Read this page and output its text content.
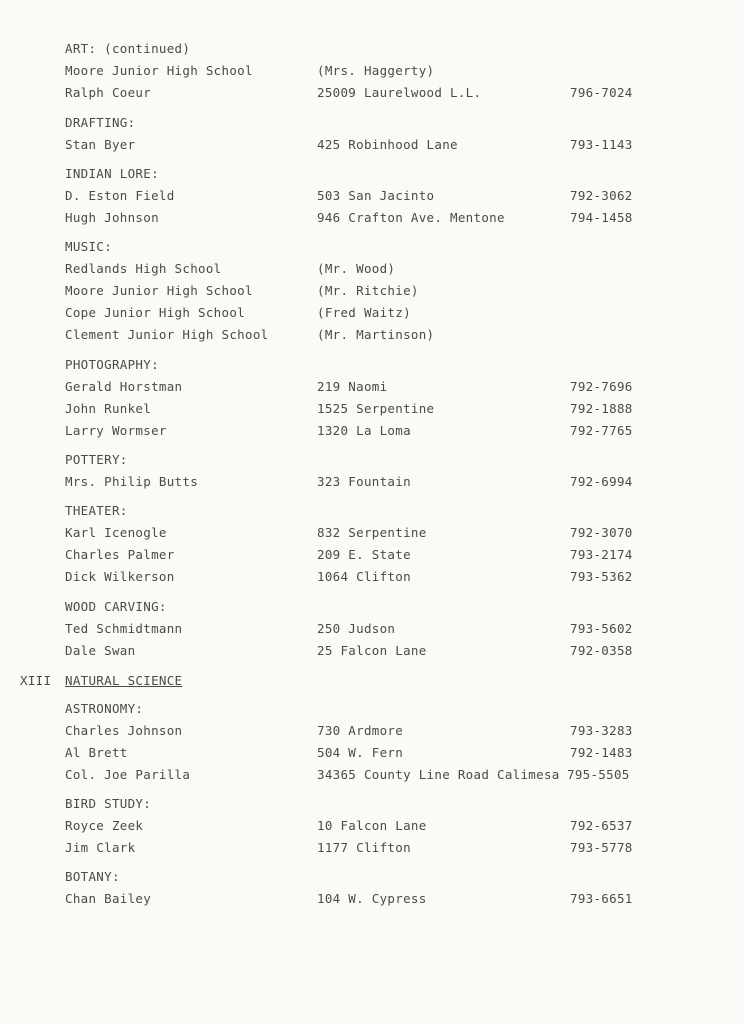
ART: (continued)
Moore Junior High School	(Mrs. Haggerty)
Ralph Coeur	25009 Laurelwood L.L.	796-7024
DRAFTING:
Stan Byer	425 Robinhood Lane	793-1143
INDIAN LORE:
D. Eston Field	503 San Jacinto	792-3062
Hugh Johnson	946 Crafton Ave. Mentone	794-1458
MUSIC:
Redlands High School	(Mr. Wood)
Moore Junior High School	(Mr. Ritchie)
Cope Junior High School	(Fred Waitz)
Clement Junior High School	(Mr. Martinson)
PHOTOGRAPHY:
Gerald Horstman	219 Naomi	792-7696
John Runkel	1525 Serpentine	792-1888
Larry Wormser	1320 La Loma	792-7765
POTTERY:
Mrs. Philip Butts	323 Fountain	792-6994
THEATER:
Karl Icenogle	832 Serpentine	792-3070
Charles Palmer	209 E. State	793-2174
Dick Wilkerson	1064 Clifton	793-5362
WOOD CARVING:
Ted Schmidtmann	250 Judson	793-5602
Dale Swan	25 Falcon Lane	792-0358
XIII NATURAL SCIENCE
ASTRONOMY:
Charles Johnson	730 Ardmore	793-3283
Al Brett	504 W. Fern	792-1483
Col. Joe Parilla	34365 County Line Road Calimesa 795-5505
BIRD STUDY:
Royce Zeek	10 Falcon Lane	792-6537
Jim Clark	1177 Clifton	793-5778
BOTANY:
Chan Bailey	104 W. Cypress	793-6651
